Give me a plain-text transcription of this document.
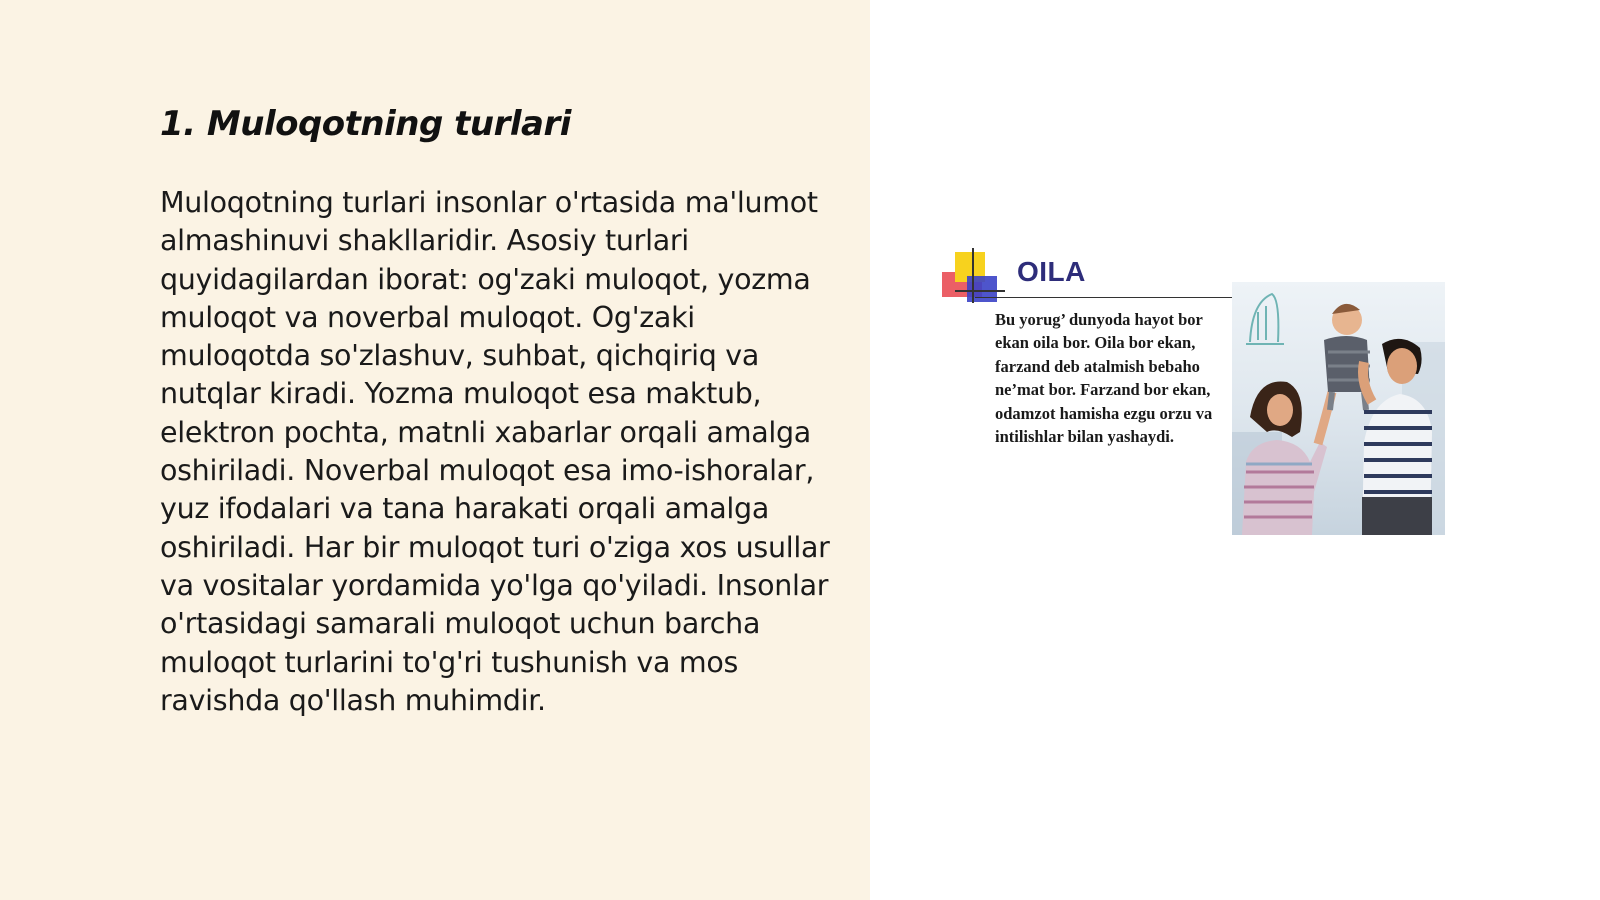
1. Muloqotning turlari

Muloqotning turlari insonlar o'rtasida ma'lumot almashinuvi shakllaridir. Asosiy turlari quyidagilardan iborat: og'zaki muloqot, yozma muloqot va noverbal muloqot. Og'zaki muloqotda so'zlashuv, suhbat, qichqiriq va nutqlar kiradi. Yozma muloqot esa maktub, elektron pochta, matnli xabarlar orqali amalga oshiriladi. Noverbal muloqot esa imo-ishoralar, yuz ifodalari va tana harakati orqali amalga oshiriladi. Har bir muloqot turi o'ziga xos usullar va vositalar yordamida yo'lga qo'yiladi. Insonlar o'rtasidagi samarali muloqot uchun barcha muloqot turlarini to'g'ri tushunish va mos ravishda qo'llash muhimdir.

OILA

Bu yorug’ dunyoda hayot bor ekan oila bor. Oila bor ekan, farzand deb atalmish bebaho ne’mat bor. Farzand bor ekan, odamzot hamisha ezgu orzu va intilishlar bilan yashaydi.
